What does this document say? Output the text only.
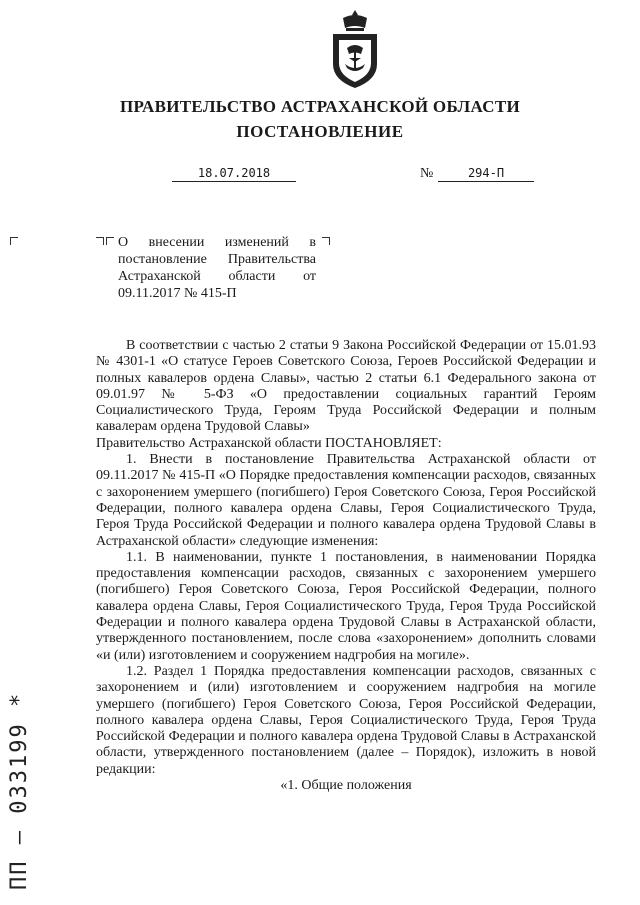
ПРАВИТЕЛЬСТВО АСТРАХАНСКОЙ ОБЛАСТИ
ПОСТАНОВЛЕНИЕ
18.07.2018	№	294-П
О внесении изменений в постановление Правительства Астраханской области от 09.11.2017 № 415-П

В соответствии с частью 2 статьи 9 Закона Российской Федерации от 15.01.93 № 4301-1 «О статусе Героев Советского Союза, Героев Российской Федерации и полных кавалеров ордена Славы», частью 2 статьи 6.1 Федерального закона от 09.01.97 № 5-ФЗ «О предоставлении социальных гарантий Героям Социалистического Труда, Героям Труда Российской Федерации и полным кавалерам ордена Трудовой Славы»

Правительство Астраханской области ПОСТАНОВЛЯЕТ:

1. Внести в постановление Правительства Астраханской области от 09.11.2017 № 415-П «О Порядке предоставления компенсации расходов, связанных с захоронением умершего (погибшего) Героя Советского Союза, Героя Российской Федерации, полного кавалера ордена Славы, Героя Социалистического Труда, Героя Труда Российской Федерации и полного кавалера ордена Трудовой Славы в Астраханской области» следующие изменения:

1.1. В наименовании, пункте 1 постановления, в наименовании Порядка предоставления компенсации расходов, связанных с захоронением умершего (погибшего) Героя Советского Союза, Героя Российской Федерации, полного кавалера ордена Славы, Героя Социалистического Труда, Героя Труда Российской Федерации и полного кавалера ордена Трудовой Славы в Астраханской области, утвержденного постановлением, после слова «захоронением» дополнить словами «и (или) изготовлением и сооружением надгробия на могиле».

1.2. Раздел 1 Порядка предоставления компенсации расходов, связанных с захоронением и (или) изготовлением и сооружением надгробия на могиле умершего (погибшего) Героя Советского Союза, Героя Российской Федерации, полного кавалера ордена Славы, Героя Социалистического Труда, Героя Труда Российской Федерации и полного кавалера ордена Трудовой Славы в Астраханской области, утвержденного постановлением (далее – Порядок), изложить в новой редакции:

«1. Общие положения

ПП – 033199 *
